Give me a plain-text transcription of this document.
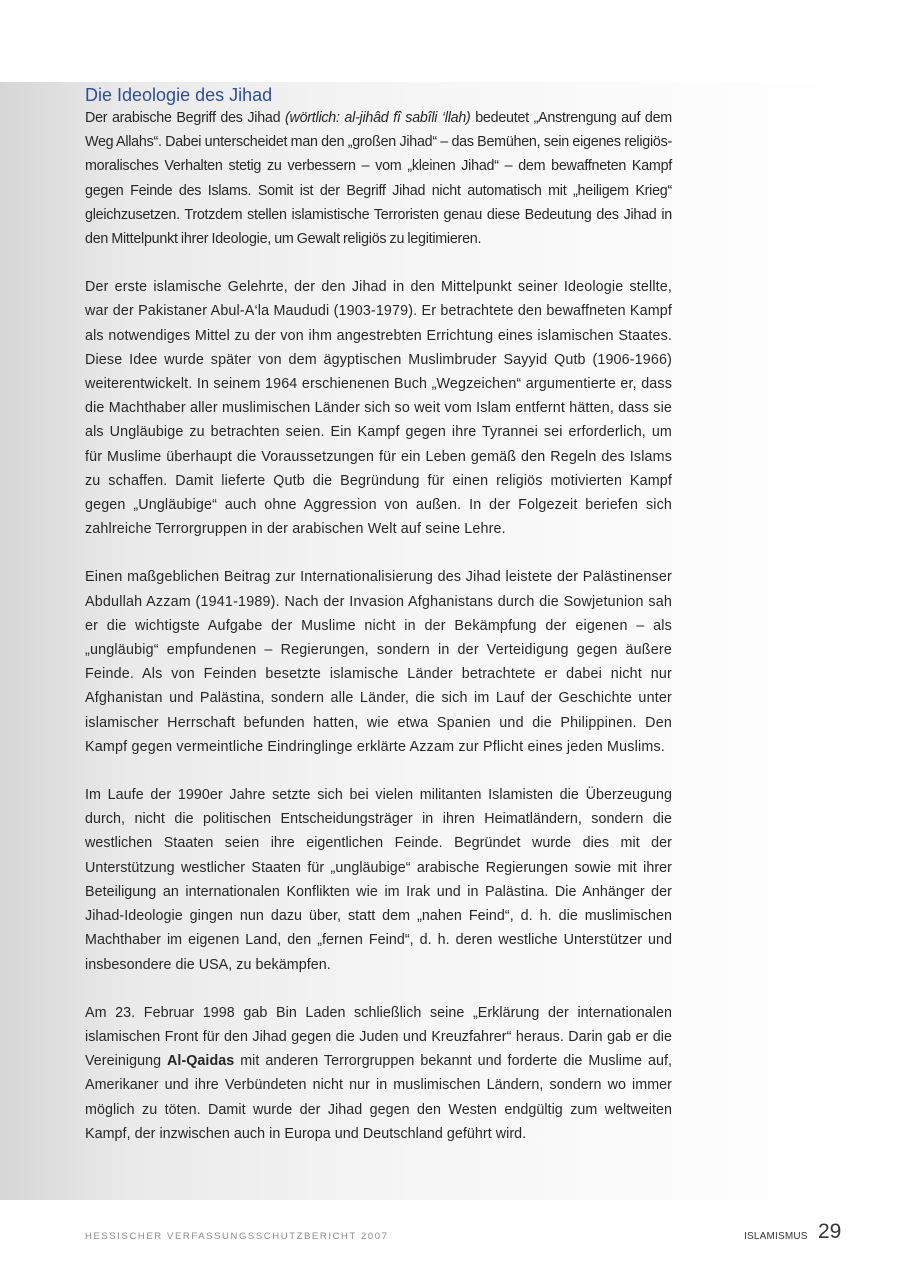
Die Ideologie des Jihad

Der arabische Begriff des Jihad (wörtlich: al-jihâd fî sabîli ‘llah) bedeutet „Anstrengung auf dem Weg Allahs“. Dabei unterscheidet man den „großen Jihad“ – das Bemühen, sein eigenes religiös-moralisches Verhalten stetig zu verbessern – vom „kleinen Jihad“ – dem bewaffneten Kampf gegen Feinde des Islams. Somit ist der Begriff Jihad nicht automatisch mit „heiligem Krieg“ gleichzusetzen. Trotzdem stellen islamistische Terroristen genau diese Bedeutung des Jihad in den Mittelpunkt ihrer Ideologie, um Gewalt religiös zu legitimieren.

Der erste islamische Gelehrte, der den Jihad in den Mittelpunkt seiner Ideologie stellte, war der Pakistaner Abul-A‘la Maududi (1903-1979). Er betrachtete den bewaffneten Kampf als notwendiges Mittel zu der von ihm angestrebten Errichtung eines islamischen Staates. Diese Idee wurde später von dem ägyptischen Muslimbruder Sayyid Qutb (1906-1966) weiterentwickelt. In seinem 1964 erschienenen Buch „Wegzeichen“ argumentierte er, dass die Machthaber aller muslimischen Länder sich so weit vom Islam entfernt hätten, dass sie als Ungläubige zu betrachten seien. Ein Kampf gegen ihre Tyrannei sei erforderlich, um für Muslime überhaupt die Voraussetzungen für ein Leben gemäß den Regeln des Islams zu schaffen. Damit lieferte Qutb die Begründung für einen religiös motivierten Kampf gegen „Ungläubige“ auch ohne Aggression von außen. In der Folgezeit beriefen sich zahlreiche Terrorgruppen in der arabischen Welt auf seine Lehre.

Einen maßgeblichen Beitrag zur Internationalisierung des Jihad leistete der Palästinenser Abdullah Azzam (1941-1989). Nach der Invasion Afghanistans durch die Sowjetunion sah er die wichtigste Aufgabe der Muslime nicht in der Bekämpfung der eigenen – als „ungläubig“ empfundenen – Regierungen, sondern in der Verteidigung gegen äußere Feinde. Als von Feinden besetzte islamische Länder betrachtete er dabei nicht nur Afghanistan und Palästina, sondern alle Länder, die sich im Lauf der Geschichte unter islamischer Herrschaft befunden hatten, wie etwa Spanien und die Philippinen. Den Kampf gegen vermeintliche Eindringlinge erklärte Azzam zur Pflicht eines jeden Muslims.

Im Laufe der 1990er Jahre setzte sich bei vielen militanten Islamisten die Überzeugung durch, nicht die politischen Entscheidungsträger in ihren Heimatländern, sondern die westlichen Staaten seien ihre eigentlichen Feinde. Begründet wurde dies mit der Unterstützung westlicher Staaten für „ungläubige“ arabische Regierungen sowie mit ihrer Beteiligung an internationalen Konflikten wie im Irak und in Palästina. Die Anhänger der Jihad-Ideologie gingen nun dazu über, statt dem „nahen Feind“, d. h. die muslimischen Machthaber im eigenen Land, den „fernen Feind“, d. h. deren westliche Unterstützer und insbesondere die USA, zu bekämpfen.

Am 23. Februar 1998 gab Bin Laden schließlich seine „Erklärung der internationalen islamischen Front für den Jihad gegen die Juden und Kreuzfahrer“ heraus. Darin gab er die Vereinigung Al-Qaidas mit anderen Terrorgruppen bekannt und forderte die Muslime auf, Amerikaner und ihre Verbündeten nicht nur in muslimischen Ländern, sondern wo immer möglich zu töten. Damit wurde der Jihad gegen den Westen endgültig zum weltweiten Kampf, der inzwischen auch in Europa und Deutschland geführt wird.

HESSISCHER VERFASSUNGSSCHUTZBERICHT 2007	ISLAMISMUS 29
